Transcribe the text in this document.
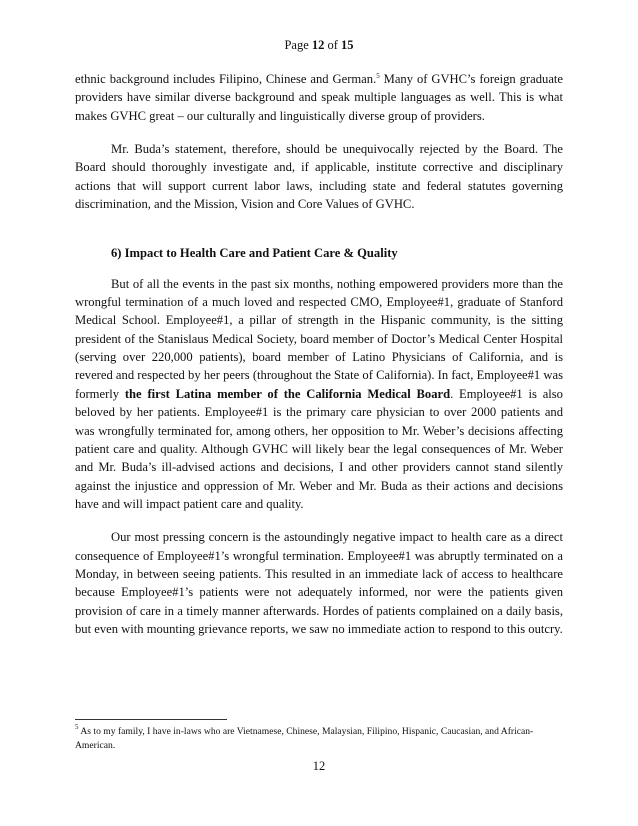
Page 12 of 15

ethnic background includes Filipino, Chinese and German.$^5$ Many of GVHC’s foreign graduate providers have similar diverse background and speak multiple languages as well. This is what makes GVHC great – our culturally and linguistically diverse group of providers.

Mr. Buda’s statement, therefore, should be unequivocally rejected by the Board. The Board should thoroughly investigate and, if applicable, institute corrective and disciplinary actions that will support current labor laws, including state and federal statutes governing discrimination, and the Mission, Vision and Core Values of GVHC.

6) Impact to Health Care and Patient Care & Quality

But of all the events in the past six months, nothing empowered providers more than the wrongful termination of a much loved and respected CMO, Employee#1, graduate of Stanford Medical School. Employee#1, a pillar of strength in the Hispanic community, is the sitting president of the Stanislaus Medical Society, board member of Doctor’s Medical Center Hospital (serving over 220,000 patients), board member of Latino Physicians of California, and is revered and respected by her peers (throughout the State of California). In fact, Employee#1 was formerly the first Latina member of the California Medical Board. Employee#1 is also beloved by her patients. Employee#1 is the primary care physician to over 2000 patients and was wrongfully terminated for, among others, her opposition to Mr. Weber’s decisions affecting patient care and quality. Although GVHC will likely bear the legal consequences of Mr. Weber and Mr. Buda’s ill-advised actions and decisions, I and other providers cannot stand silently against the injustice and oppression of Mr. Weber and Mr. Buda as their actions and decisions have and will impact patient care and quality.

Our most pressing concern is the astoundingly negative impact to health care as a direct consequence of Employee#1’s wrongful termination. Employee#1 was abruptly terminated on a Monday, in between seeing patients. This resulted in an immediate lack of access to healthcare because Employee#1’s patients were not adequately informed, nor were the patients given provision of care in a timely manner afterwards. Hordes of patients complained on a daily basis, but even with mounting grievance reports, we saw no immediate action to respond to this outcry.

$^5$ As to my family, I have in-laws who are Vietnamese, Chinese, Malaysian, Filipino, Hispanic, Caucasian, and African-American.
12
